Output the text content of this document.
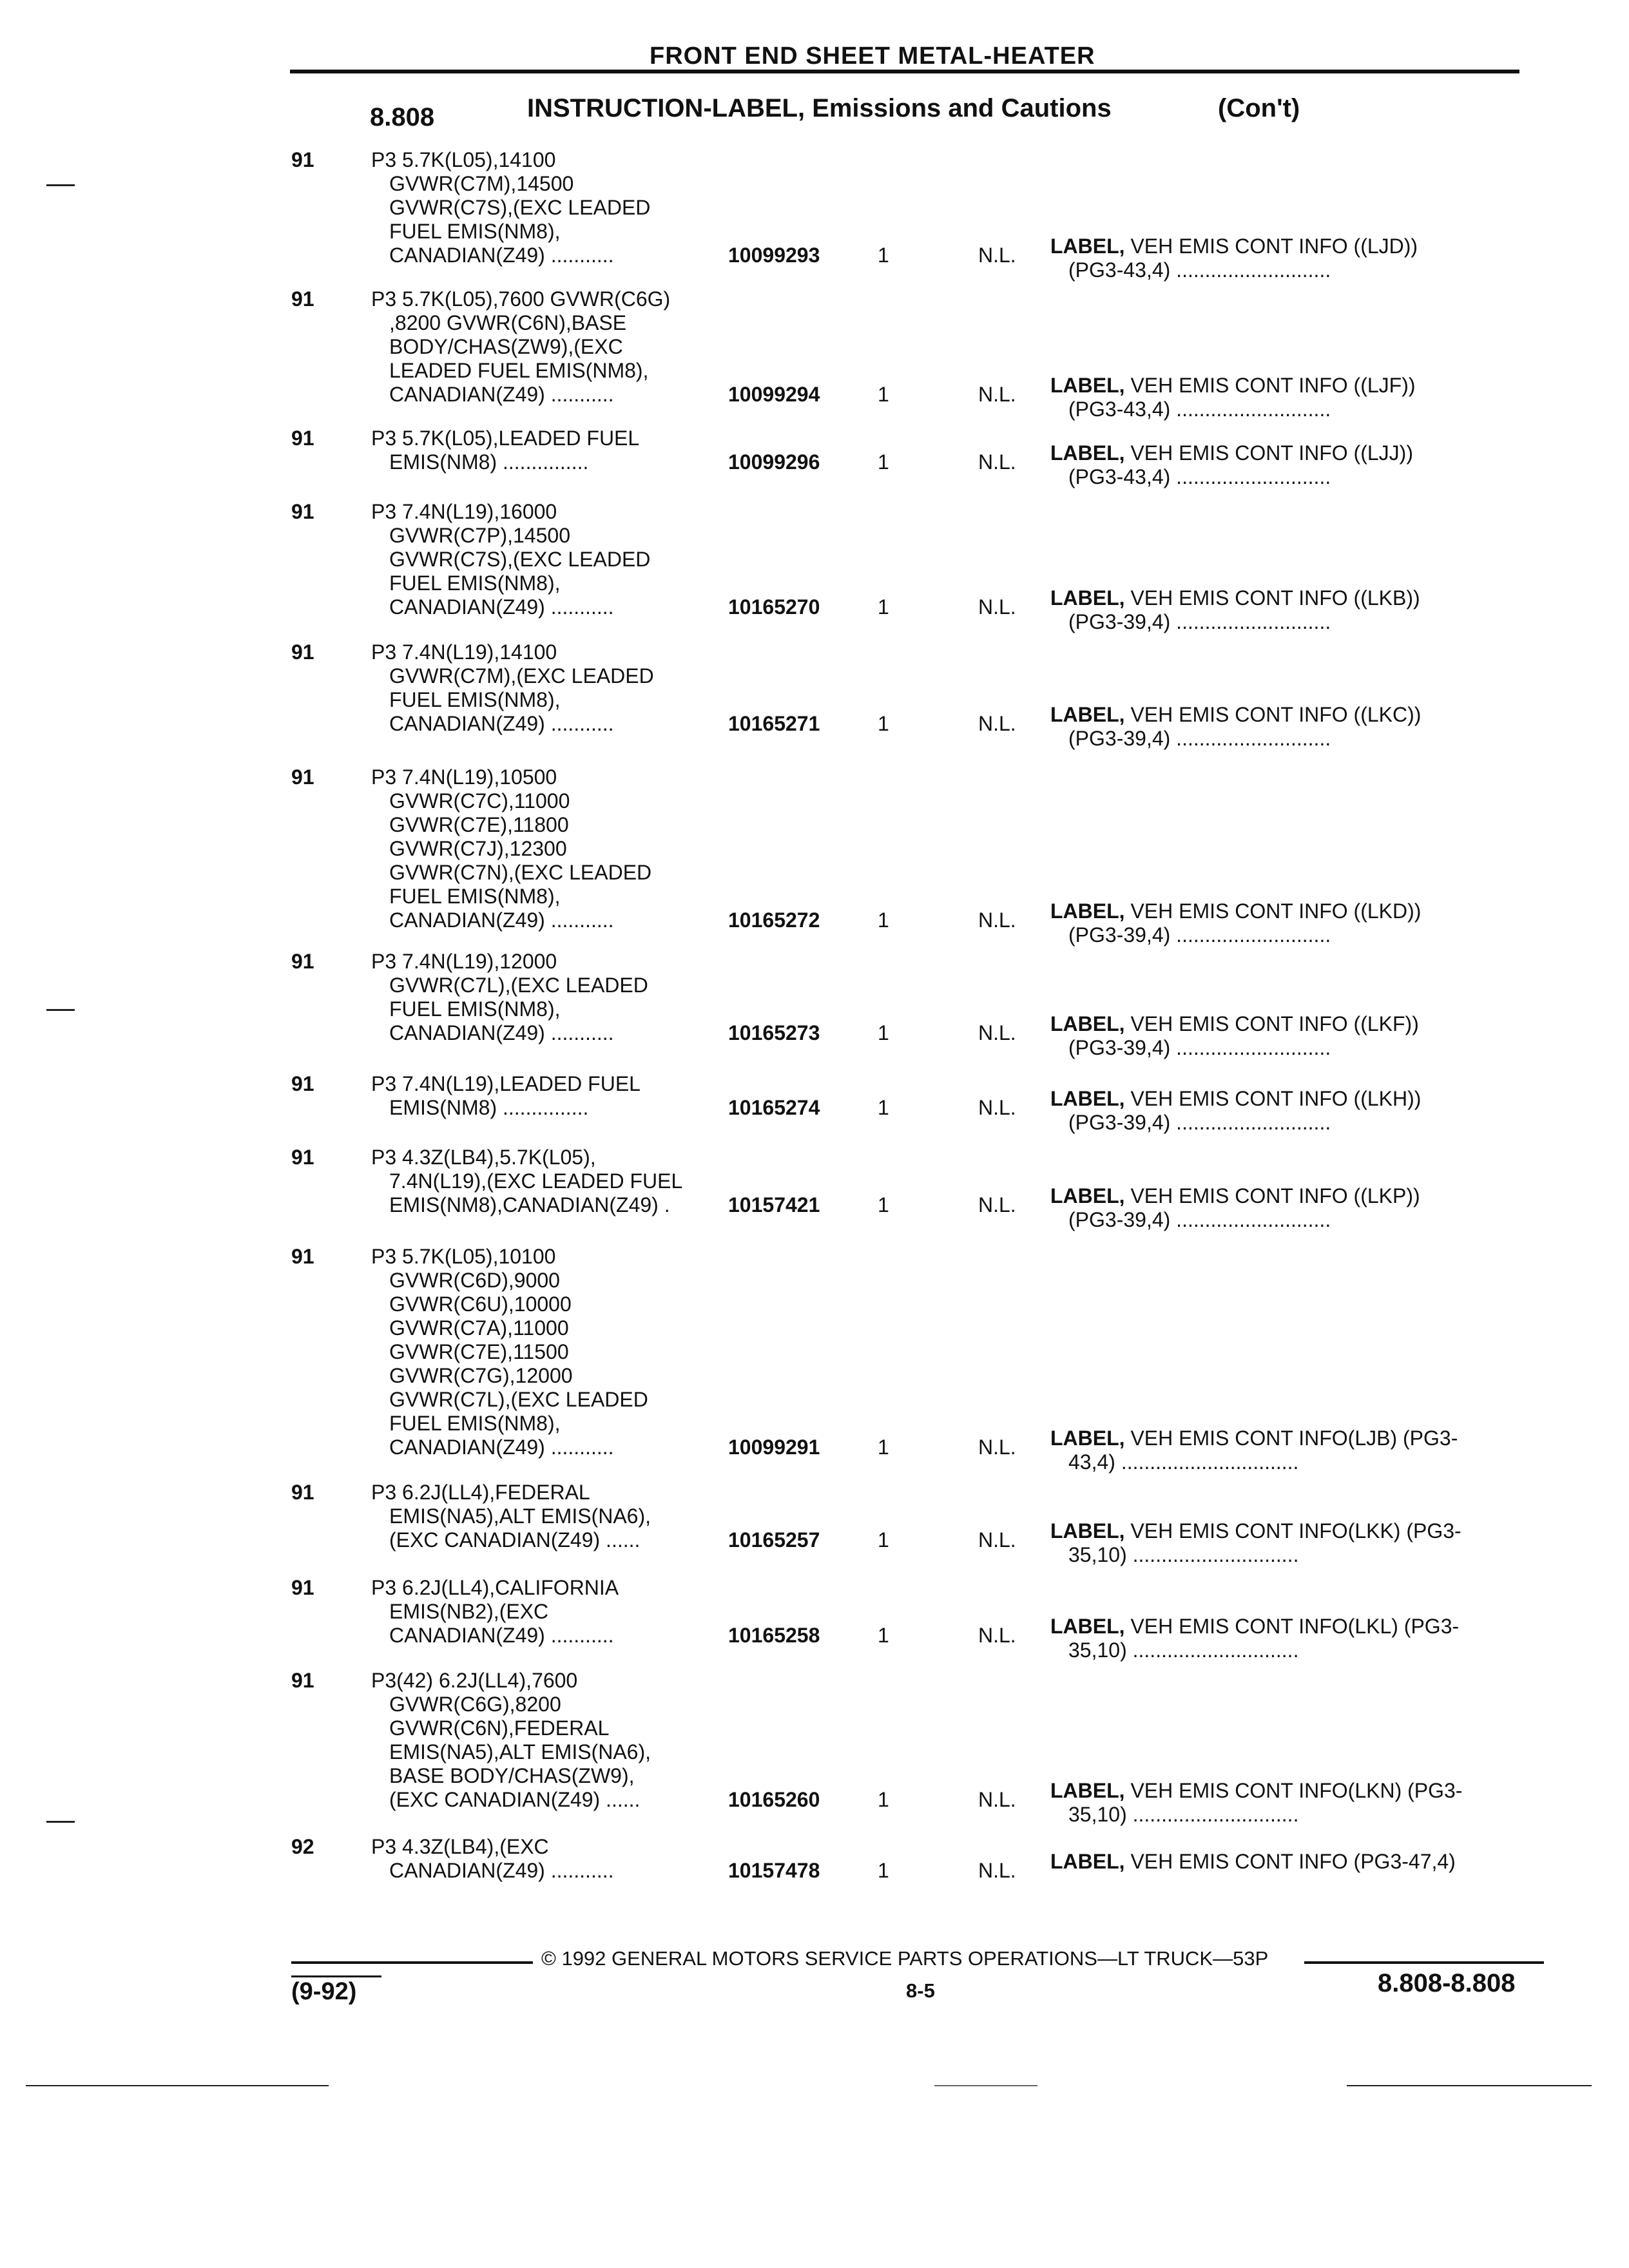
FRONT END SHEET METAL-HEATER
8.808	INSTRUCTION-LABEL, Emissions and Cautions	(Con't)
91	P3 5.7K(L05),14100
GVWR(C7M),14500
GVWR(C7S),(EXC LEADED
FUEL EMIS(NM8),
CANADIAN(Z49) ...........	10099293	1	N.L. LABEL, VEH EMIS CONT INFO ((LJD))
(PG3-43,4) ...........................
91	P3 5.7K(L05),7600 GVWR(C6G)
,8200 GVWR(C6N),BASE
BODY/CHAS(ZW9),(EXC
LEADED FUEL EMIS(NM8),
CANADIAN(Z49) ...........	10099294	1	N.L. LABEL, VEH EMIS CONT INFO ((LJF))
(PG3-43,4) ...........................
91	P3 5.7K(L05),LEADED FUEL
EMIS(NM8) ...............	10099296	1	N.L. LABEL, VEH EMIS CONT INFO ((LJJ))
(PG3-43,4) ...........................
91	P3 7.4N(L19),16000
GVWR(C7P),14500
GVWR(C7S),(EXC LEADED
FUEL EMIS(NM8),
CANADIAN(Z49) ...........	10165270	1	N.L. LABEL, VEH EMIS CONT INFO ((LKB))
(PG3-39,4) ...........................
91	P3 7.4N(L19),14100
GVWR(C7M),(EXC LEADED
FUEL EMIS(NM8),
CANADIAN(Z49) ...........	10165271	1	N.L. LABEL, VEH EMIS CONT INFO ((LKC))
(PG3-39,4) ...........................
91	P3 7.4N(L19),10500
GVWR(C7C),11000
GVWR(C7E),11800
GVWR(C7J),12300
GVWR(C7N),(EXC LEADED
FUEL EMIS(NM8),
CANADIAN(Z49) ...........	10165272	1	N.L. LABEL, VEH EMIS CONT INFO ((LKD))
(PG3-39,4) ...........................
91	P3 7.4N(L19),12000
GVWR(C7L),(EXC LEADED
FUEL EMIS(NM8),
CANADIAN(Z49) ...........	10165273	1	N.L. LABEL, VEH EMIS CONT INFO ((LKF))
(PG3-39,4) ...........................
91	P3 7.4N(L19),LEADED FUEL
EMIS(NM8) ...............	10165274	1	N.L. LABEL, VEH EMIS CONT INFO ((LKH))
(PG3-39,4) ...........................
91	P3 4.3Z(LB4),5.7K(L05),
7.4N(L19),(EXC LEADED FUEL
EMIS(NM8),CANADIAN(Z49) .	10157421	1	N.L. LABEL, VEH EMIS CONT INFO ((LKP))
(PG3-39,4) ...........................
91	P3 5.7K(L05),10100
GVWR(C6D),9000
GVWR(C6U),10000
GVWR(C7A),11000
GVWR(C7E),11500
GVWR(C7G),12000
GVWR(C7L),(EXC LEADED
FUEL EMIS(NM8),
CANADIAN(Z49) ...........	10099291	1	N.L. LABEL, VEH EMIS CONT INFO(LJB) (PG3-
43,4) ...............................
91	P3 6.2J(LL4),FEDERAL
EMIS(NA5),ALT EMIS(NA6),
(EXC CANADIAN(Z49) ......	10165257	1	N.L. LABEL, VEH EMIS CONT INFO(LKK) (PG3-
35,10) .............................
91	P3 6.2J(LL4),CALIFORNIA
EMIS(NB2),(EXC
CANADIAN(Z49) ...........	10165258	1	N.L. LABEL, VEH EMIS CONT INFO(LKL) (PG3-
35,10) .............................
91	P3(42) 6.2J(LL4),7600
GVWR(C6G),8200
GVWR(C6N),FEDERAL
EMIS(NA5),ALT EMIS(NA6),
BASE BODY/CHAS(ZW9),
(EXC CANADIAN(Z49) ......	10165260	1	N.L. LABEL, VEH EMIS CONT INFO(LKN) (PG3-
35,10) .............................
92	P3 4.3Z(LB4),(EXC
CANADIAN(Z49) ...........	10157478	1	N.L. LABEL, VEH EMIS CONT INFO (PG3-47,4)
© 1992 GENERAL MOTORS SERVICE PARTS OPERATIONS—LT TRUCK—53P
(9-92)	8-5	8.808-8.808
